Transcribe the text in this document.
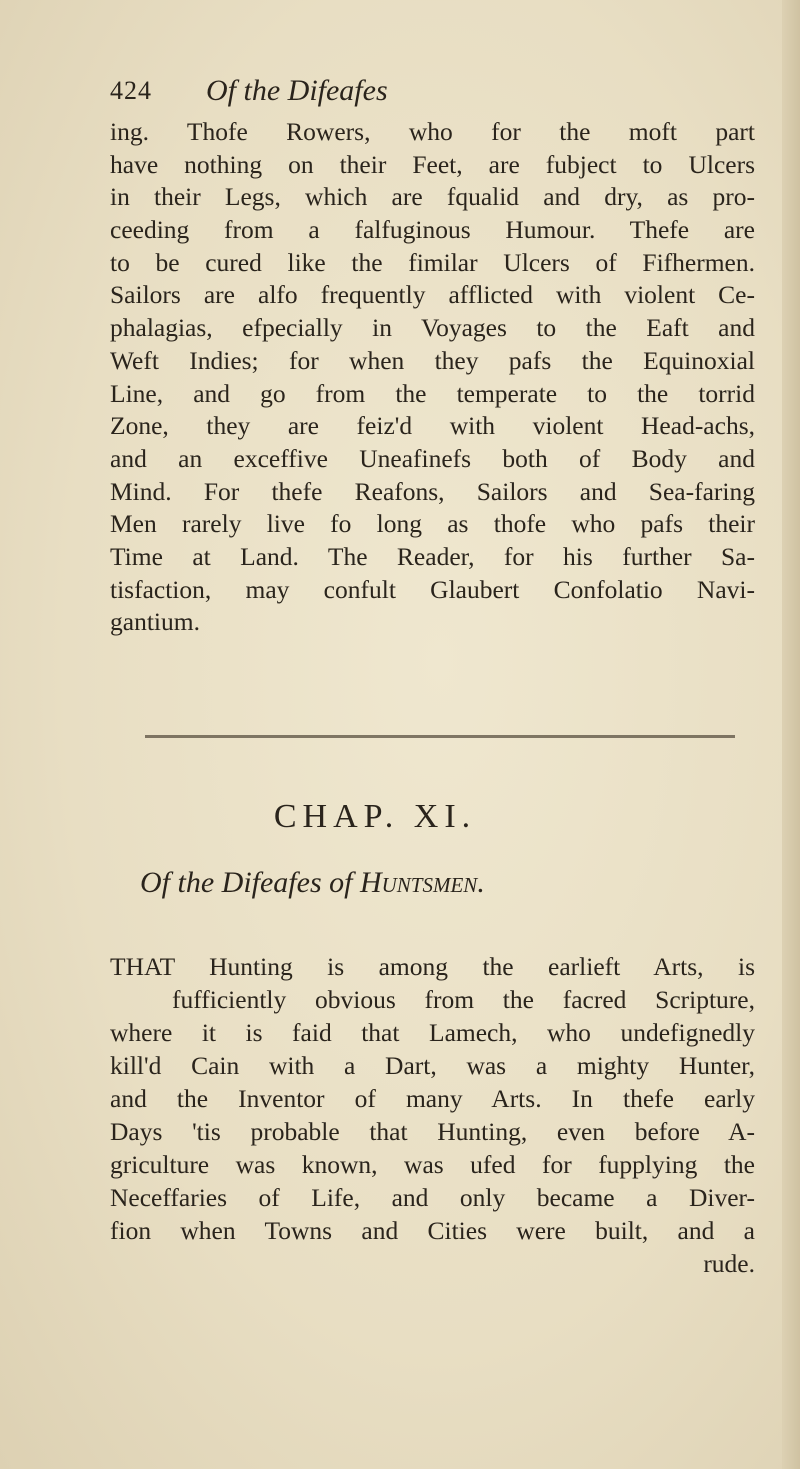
424 Of the Difeafes
ing. Thofe Rowers, who for the moft part
have nothing on their Feet, are fubject to Ulcers
in their Legs, which are fqualid and dry, as pro-
ceeding from a falfuginous Humour. Thefe are
to be cured like the fimilar Ulcers of Fifhermen.
Sailors are alfo frequently afflicted with violent Ce-
phalagias, efpecially in Voyages to the Eaft and
Weft Indies; for when they pafs the Equinoxial
Line, and go from the temperate to the torrid
Zone, they are feiz'd with violent Head-achs,
and an exceffive Uneafinefs both of Body and
Mind. For thefe Reafons, Sailors and Sea-faring
Men rarely live fo long as thofe who pafs their
Time at Land. The Reader, for his further Sa-
tisfaction, may confult Glaubert Confolatio Navi-
gantium.
CHAP. XI.
Of the Difeafes of Huntsmen.
THAT Hunting is among the earlieft Arts, is
fufficiently obvious from the facred Scripture,
where it is faid that Lamech, who undefignedly
kill'd Cain with a Dart, was a mighty Hunter,
and the Inventor of many Arts. In thefe early
Days 'tis probable that Hunting, even before A-
griculture was known, was ufed for fupplying the
Neceffaries of Life, and only became a Diver-
fion when Towns and Cities were built, and a
rude.
